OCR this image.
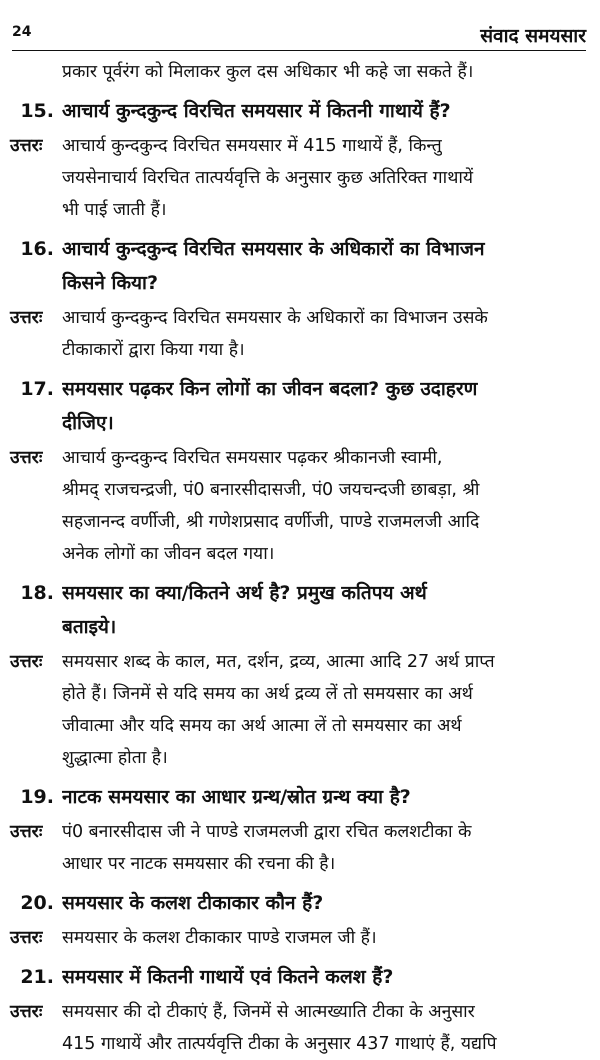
24	संवाद समयसार
प्रकार पूर्वरंग को मिलाकर कुल दस अधिकार भी कहे जा सकते हैं।
15. आचार्य कुन्दकुन्द विरचित समयसार में कितनी गाथायें हैं?
उत्तरः	आचार्य कुन्दकुन्द विरचित समयसार में 415 गाथायें हैं, किन्तु
जयसेनाचार्य विरचित तात्पर्यवृत्ति के अनुसार कुछ अतिरिक्त गाथायें
भी पाई जाती हैं।
16. आचार्य कुन्दकुन्द विरचित समयसार के अधिकारों का विभाजन
किसने किया?
उत्तरः	आचार्य कुन्दकुन्द विरचित समयसार के अधिकारों का विभाजन उसके
टीकाकारों द्वारा किया गया है।
17. समयसार पढ़कर किन लोगों का जीवन बदला? कुछ उदाहरण
दीजिए।
उत्तरः	आचार्य कुन्दकुन्द विरचित समयसार पढ़कर श्रीकानजी स्वामी,
श्रीमद् राजचन्द्रजी, पं0 बनारसीदासजी, पं0 जयचन्दजी छाबड़ा, श्री
सहजानन्द वर्णीजी, श्री गणेशप्रसाद वर्णीजी, पाण्डे राजमलजी आदि
अनेक लोगों का जीवन बदल गया।
18. समयसार का क्या/कितने अर्थ है? प्रमुख कतिपय अर्थ
बताइये।
उत्तरः	समयसार शब्द के काल, मत, दर्शन, द्रव्य, आत्मा आदि 27 अर्थ प्राप्त
होते हैं। जिनमें से यदि समय का अर्थ द्रव्य लें तो समयसार का अर्थ
जीवात्मा और यदि समय का अर्थ आत्मा लें तो समयसार का अर्थ
शुद्धात्मा होता है।
19. नाटक समयसार का आधार ग्रन्थ/स्रोत ग्रन्थ क्या है?
उत्तरः	पं0 बनारसीदास जी ने पाण्डे राजमलजी द्वारा रचित कलशटीका के
आधार पर नाटक समयसार की रचना की है।
20. समयसार के कलश टीकाकार कौन हैं?
उत्तरः	समयसार के कलश टीकाकार पाण्डे राजमल जी हैं।
21. समयसार में कितनी गाथायें एवं कितने कलश हैं?
उत्तरः	समयसार की दो टीकाएं हैं, जिनमें से आत्मख्याति टीका के अनुसार
415 गाथायें और तात्पर्यवृत्ति टीका के अनुसार 437 गाथाएं हैं, यद्यपि
